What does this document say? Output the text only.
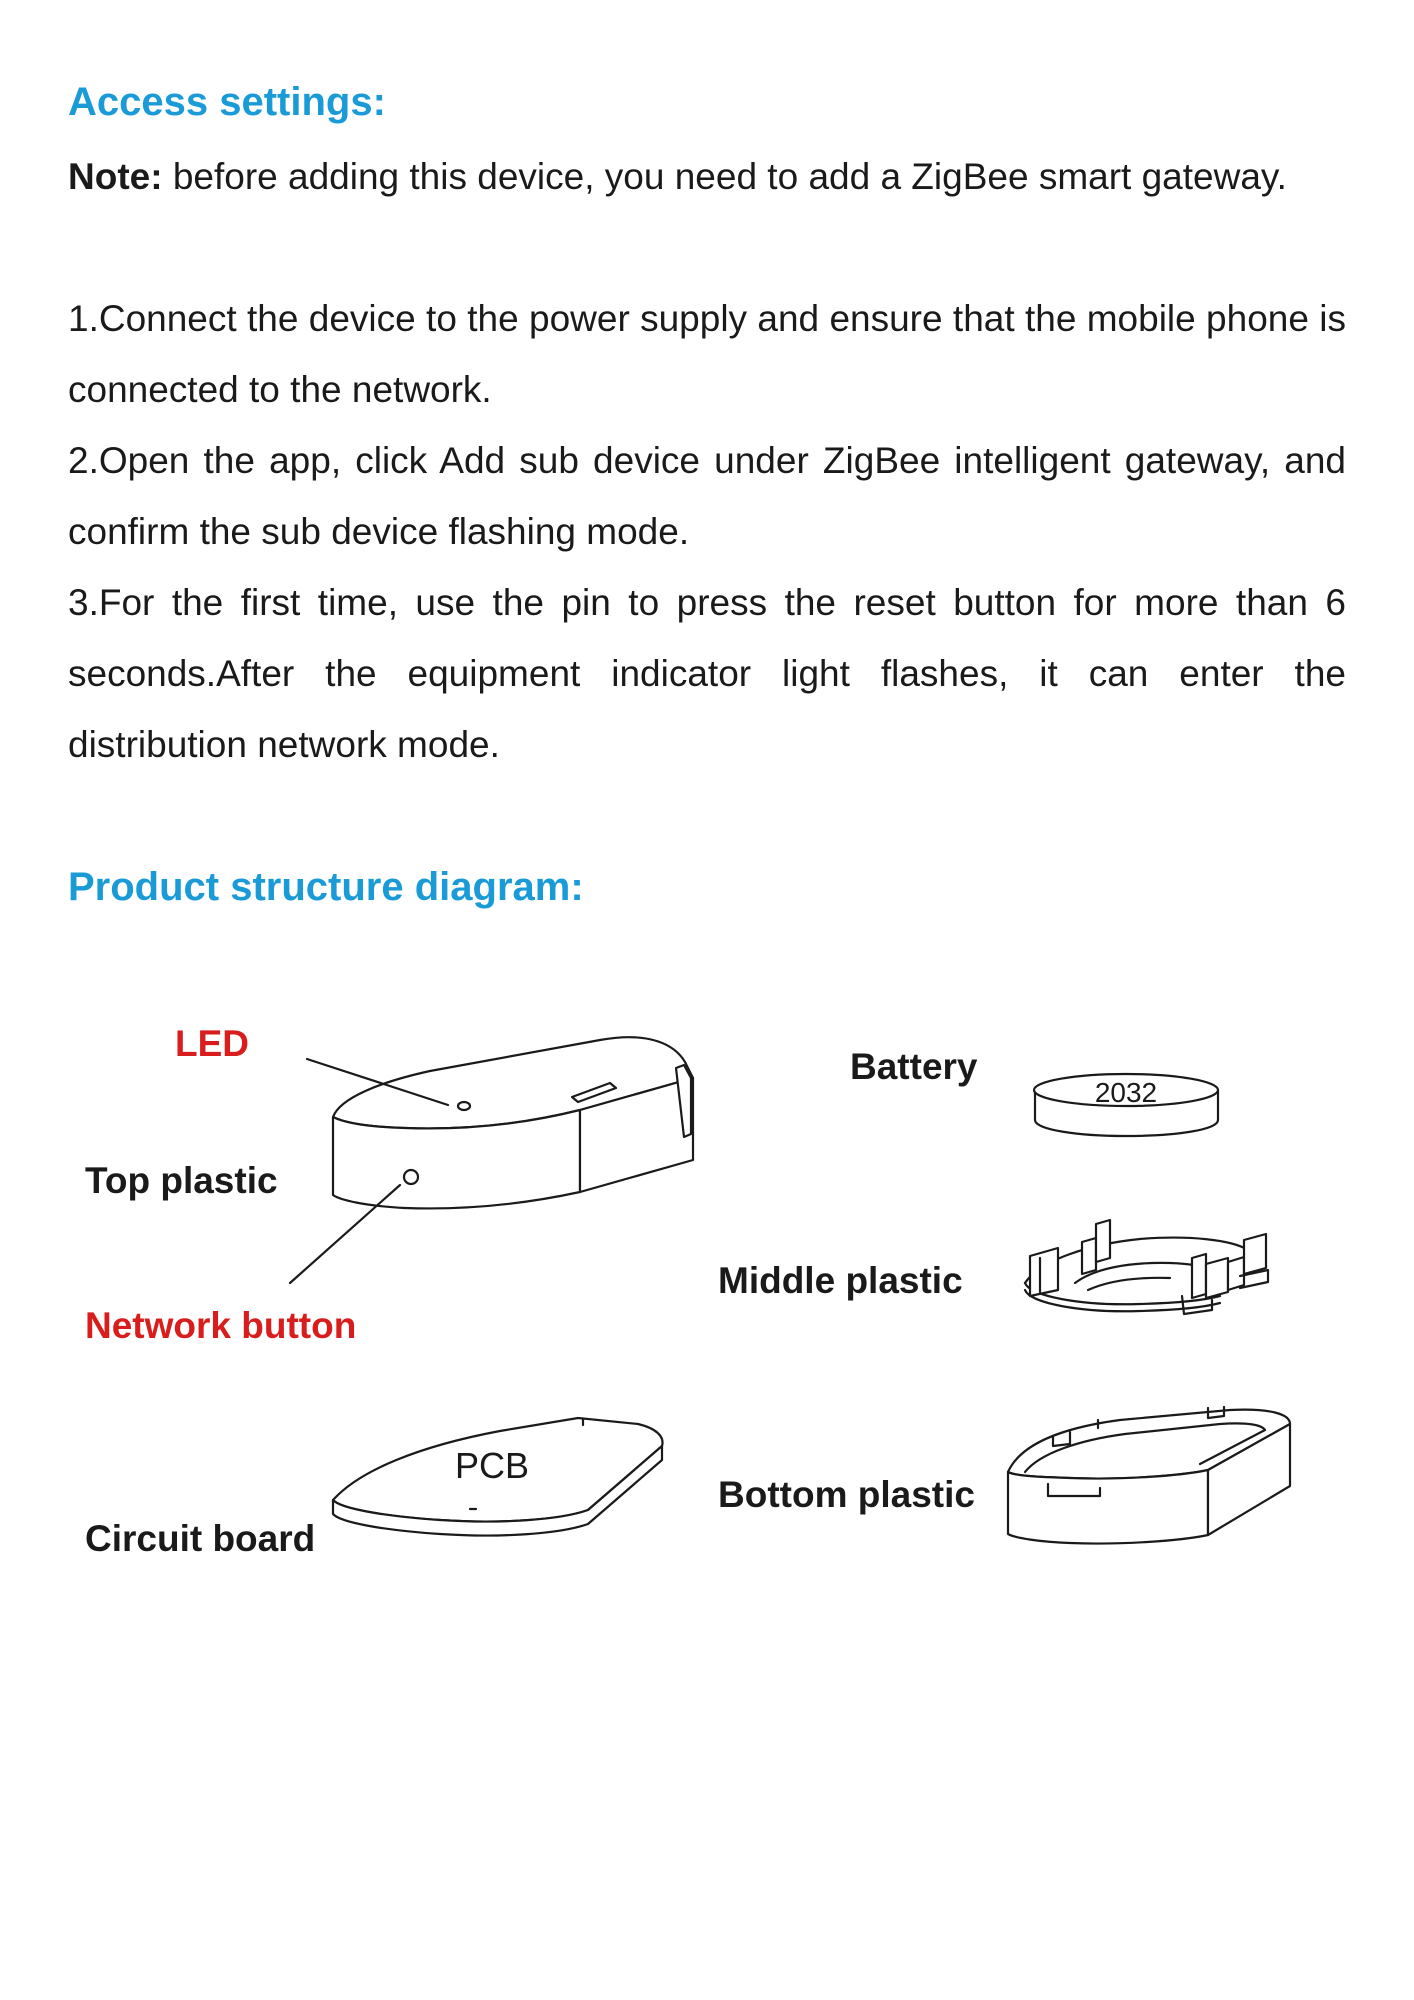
Access settings:

Note: before adding this device, you need to add a ZigBee smart gateway.

1.Connect the device to the power supply and ensure that the mobile phone is connected to the network.

2.Open the app, click Add sub device under ZigBee intelligent gateway, and confirm the sub device flashing mode.

3.For the first time, use the pin to press the reset button for more than 6 seconds.After the equipment indicator light flashes, it can enter the distribution network mode.

Product structure diagram:
PCB
2032

LED

Top plastic

Network button

Circuit board

Battery

Middle plastic

Bottom plastic
